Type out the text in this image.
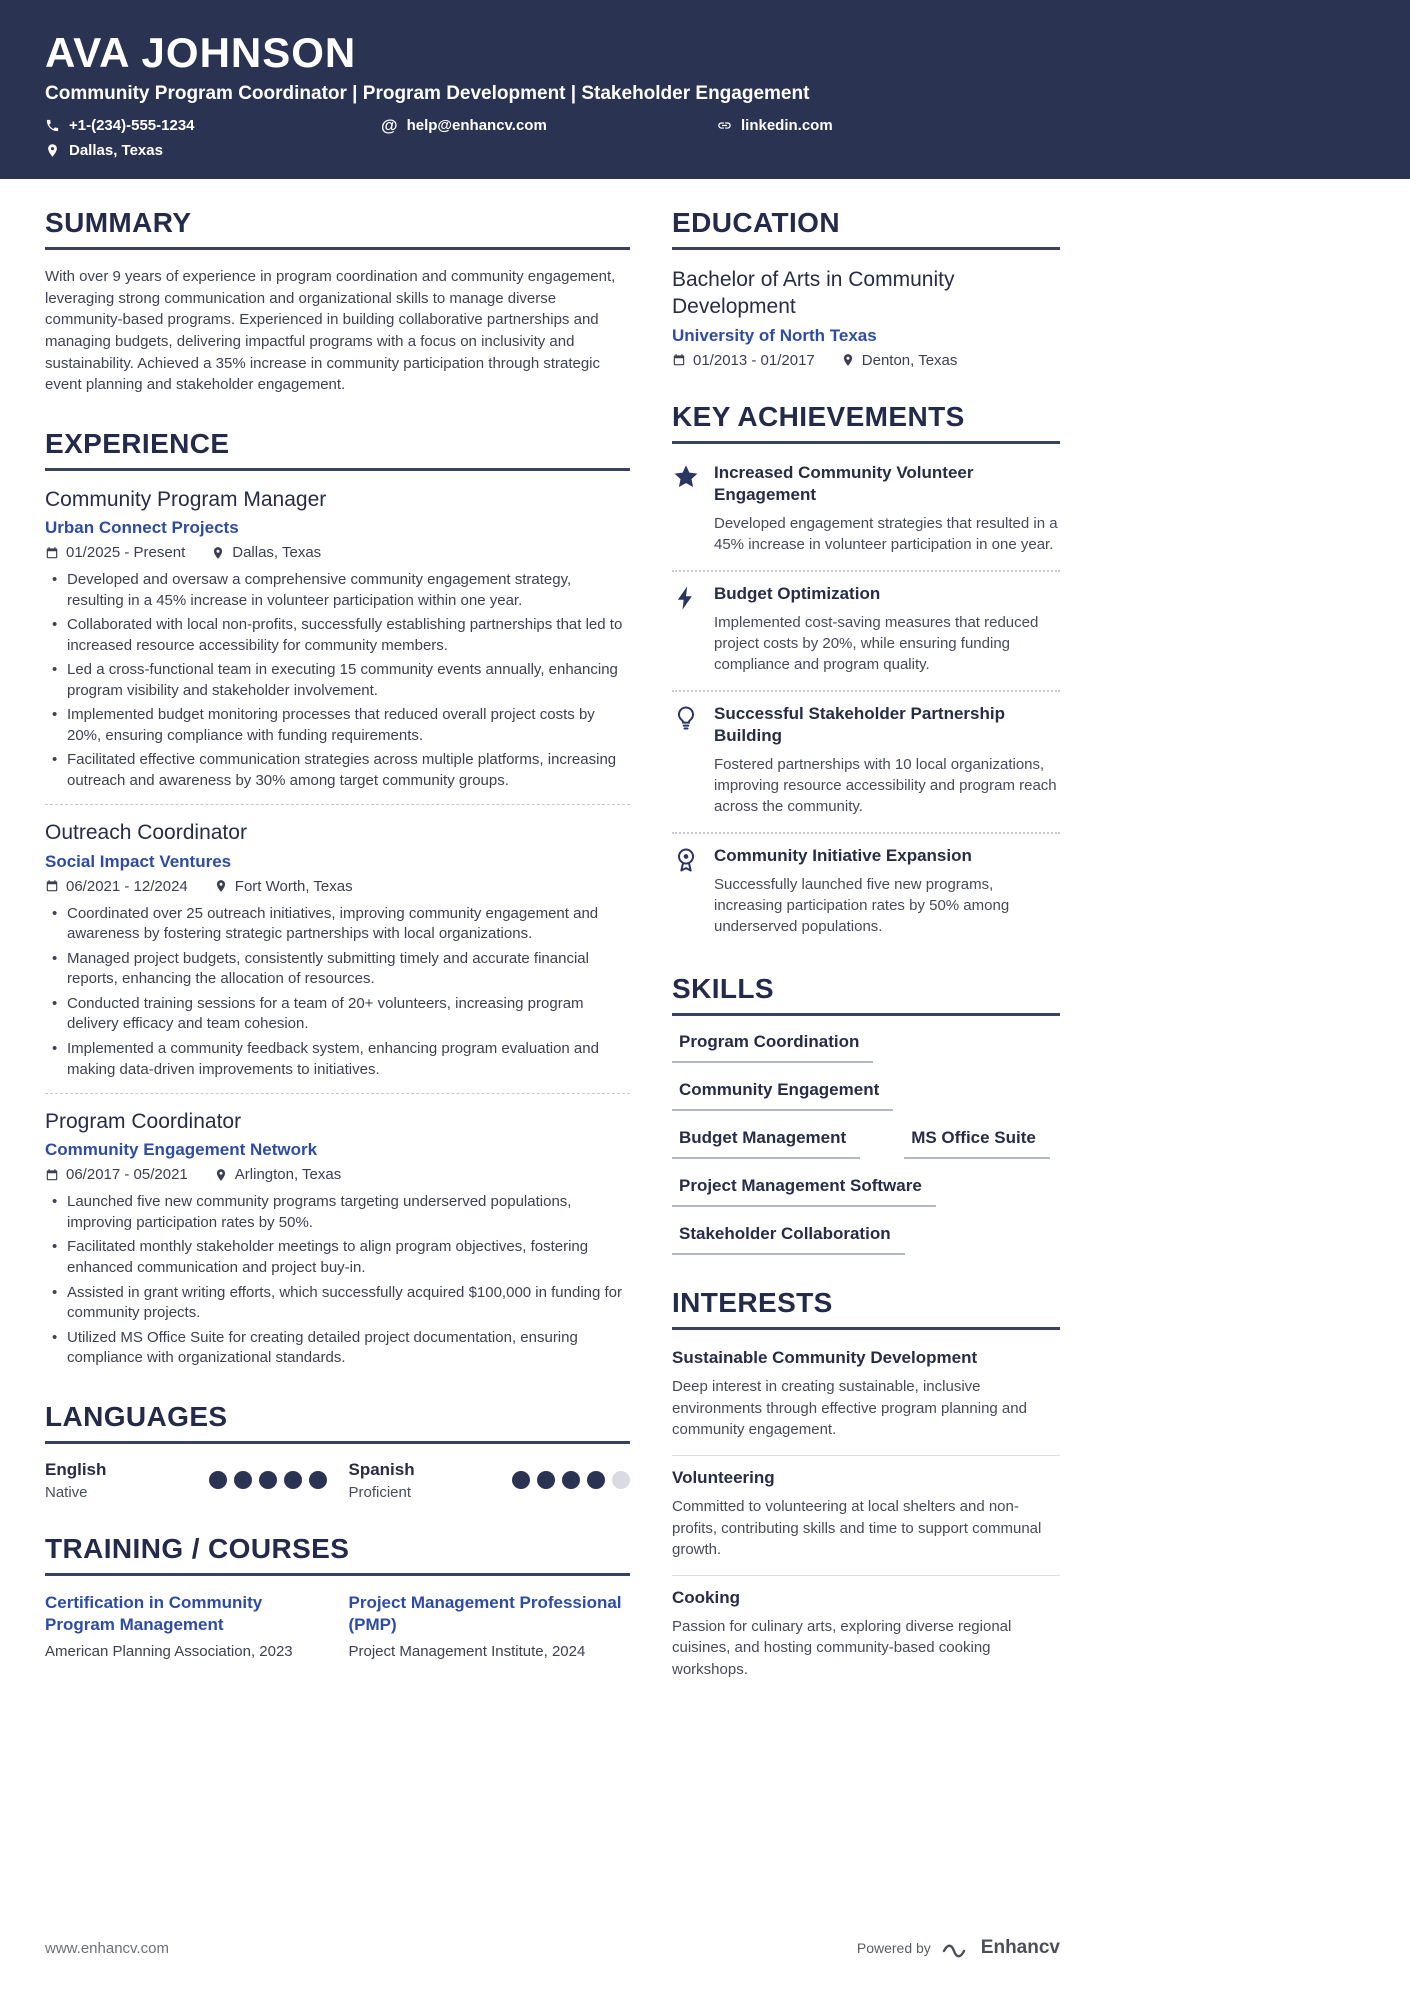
AVA JOHNSON
Community Program Coordinator | Program Development | Stakeholder Engagement
+1-(234)-555-1234	@ help@enhancv.com	linkedin.com
Dallas, Texas
SUMMARY

With over 9 years of experience in program coordination and community engagement, leveraging strong communication and organizational skills to manage diverse community-based programs. Experienced in building collaborative partnerships and managing budgets, delivering impactful programs with a focus on inclusivity and sustainability. Achieved a 35% increase in community participation through strategic event planning and stakeholder engagement.

EXPERIENCE
Community Program Manager
Urban Connect Projects
01/2025 - Present	Dallas, Texas
• Developed and oversaw a comprehensive community engagement strategy, resulting in a 45% increase in volunteer participation within one year.
• Collaborated with local non-profits, successfully establishing partnerships that led to increased resource accessibility for community members.
• Led a cross-functional team in executing 15 community events annually, enhancing program visibility and stakeholder involvement.
• Implemented budget monitoring processes that reduced overall project costs by 20%, ensuring compliance with funding requirements.
• Facilitated effective communication strategies across multiple platforms, increasing outreach and awareness by 30% among target community groups.
Outreach Coordinator
Social Impact Ventures
06/2021 - 12/2024	Fort Worth, Texas
• Coordinated over 25 outreach initiatives, improving community engagement and awareness by fostering strategic partnerships with local organizations.
• Managed project budgets, consistently submitting timely and accurate financial reports, enhancing the allocation of resources.
• Conducted training sessions for a team of 20+ volunteers, increasing program delivery efficacy and team cohesion.
• Implemented a community feedback system, enhancing program evaluation and making data-driven improvements to initiatives.
Program Coordinator
Community Engagement Network
06/2017 - 05/2021	Arlington, Texas
• Launched five new community programs targeting underserved populations, improving participation rates by 50%.
• Facilitated monthly stakeholder meetings to align program objectives, fostering enhanced communication and project buy-in.
• Assisted in grant writing efforts, which successfully acquired $100,000 in funding for community projects.
• Utilized MS Office Suite for creating detailed project documentation, ensuring compliance with organizational standards.
LANGUAGES
English
Native
Spanish
Proficient
TRAINING / COURSES
Certification in Community Program Management
American Planning Association, 2023
Project Management Professional (PMP)
Project Management Institute, 2024
EDUCATION
Bachelor of Arts in Community Development
University of North Texas
01/2013 - 01/2017	Denton, Texas
KEY ACHIEVEMENTS
Increased Community Volunteer Engagement
Developed engagement strategies that resulted in a 45% increase in volunteer participation in one year.
Budget Optimization
Implemented cost-saving measures that reduced project costs by 20%, while ensuring funding compliance and program quality.
Successful Stakeholder Partnership Building
Fostered partnerships with 10 local organizations, improving resource accessibility and program reach across the community.
Community Initiative Expansion
Successfully launched five new programs, increasing participation rates by 50% among underserved populations.
SKILLS
Program Coordination
Community Engagement
Budget Management	MS Office Suite
Project Management Software
Stakeholder Collaboration
INTERESTS
Sustainable Community Development
Deep interest in creating sustainable, inclusive environments through effective program planning and community engagement.
Volunteering
Committed to volunteering at local shelters and non-profits, contributing skills and time to support communal growth.
Cooking
Passion for culinary arts, exploring diverse regional cuisines, and hosting community-based cooking workshops.
www.enhancv.com	Powered by	Enhancv
